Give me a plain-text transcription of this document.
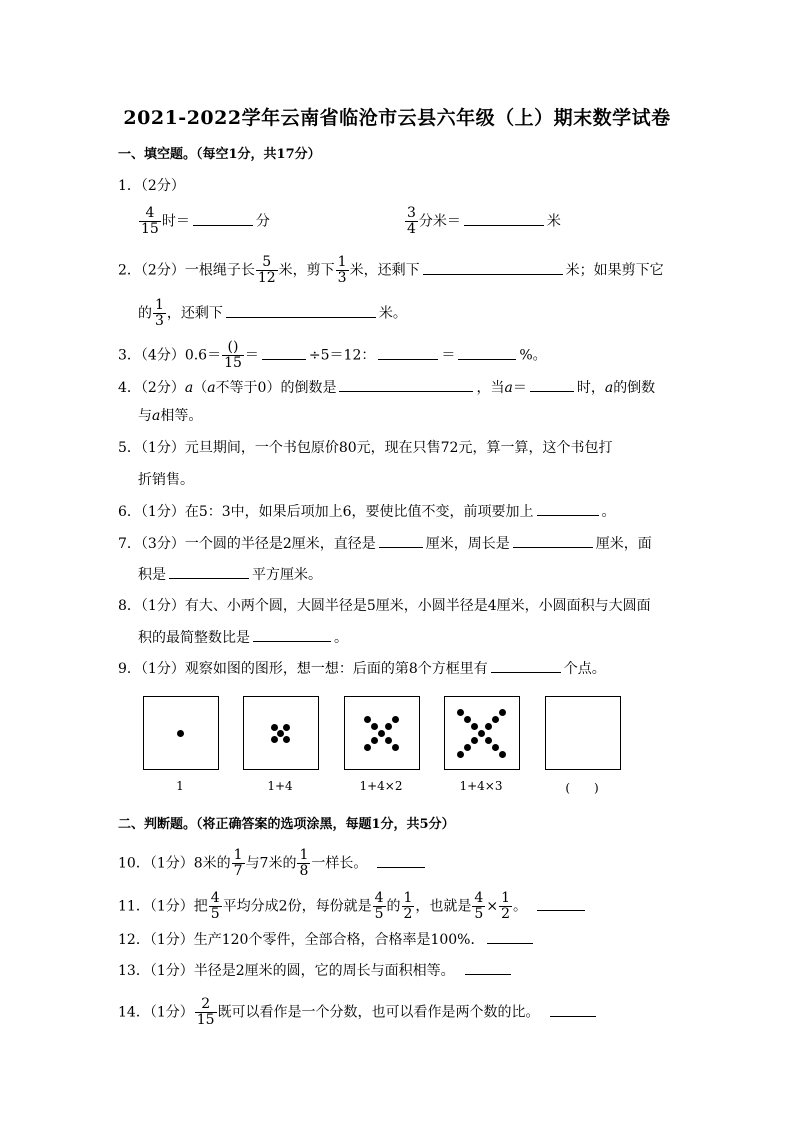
2021-2022学年云南省临沧市云县六年级（上）期末数学试卷
一、填空题。（每空1分，共17分）
1．（2分）
$\frac{4}{15}$ 时＝	分	$\frac{3}{4}$ 分米＝	米
2．（2分）一根绳子长 $\frac{5}{12}$ 米，剪下 $\frac{1}{3}$ 米，还剩下	米；如果剪下它
的 $\frac{1}{3}$ ，还剩下	米。
3．（4分）$0.6= \frac{()}{15}$ ＝	÷5＝12：	＝	%。
4．（2分）a（a不等于0）的倒数是	，当a＝	时，a的倒数
与a相等。
5．（1分）元旦期间，一个书包原价80元，现在只售72元，算一算，这个书包打
折销售。
6．（1分）在5：3中，如果后项加上6，要使比值不变，前项要加上	。
7．（3分）一个圆的半径是2厘米，直径是	厘米，周长是	厘米，面
积是	平方厘米。
8．（1分）有大、小两个圆，大圆半径是5厘米，小圆半径是4厘米，小圆面积与大圆面
积的最简整数比是	。
9．（1分）观察如图的图形，想一想：后面的第8个方框里有	个点。
1	1+4	1+4×2	1+4×3	(　　)
二、判断题。（将正确答案的选项涂黑，每题1分，共5分）
10．（1分）8米的 $\frac{1}{7}$ 与7米的 $\frac{1}{8}$ 一样长。
11．（1分）把 $\frac{4}{5}$ 平均分成2份，每份就是 $\frac{4}{5}$ 的 $\frac{1}{2}$ ，也就是 $\frac{4}{5} \times \frac{1}{2}$ 。
12．（1分）生产120个零件，全部合格，合格率是100%．
13．（1分）半径是2厘米的圆，它的周长与面积相等。
14．（1分） $\frac{2}{15}$ 既可以看作是一个分数，也可以看作是两个数的比。
